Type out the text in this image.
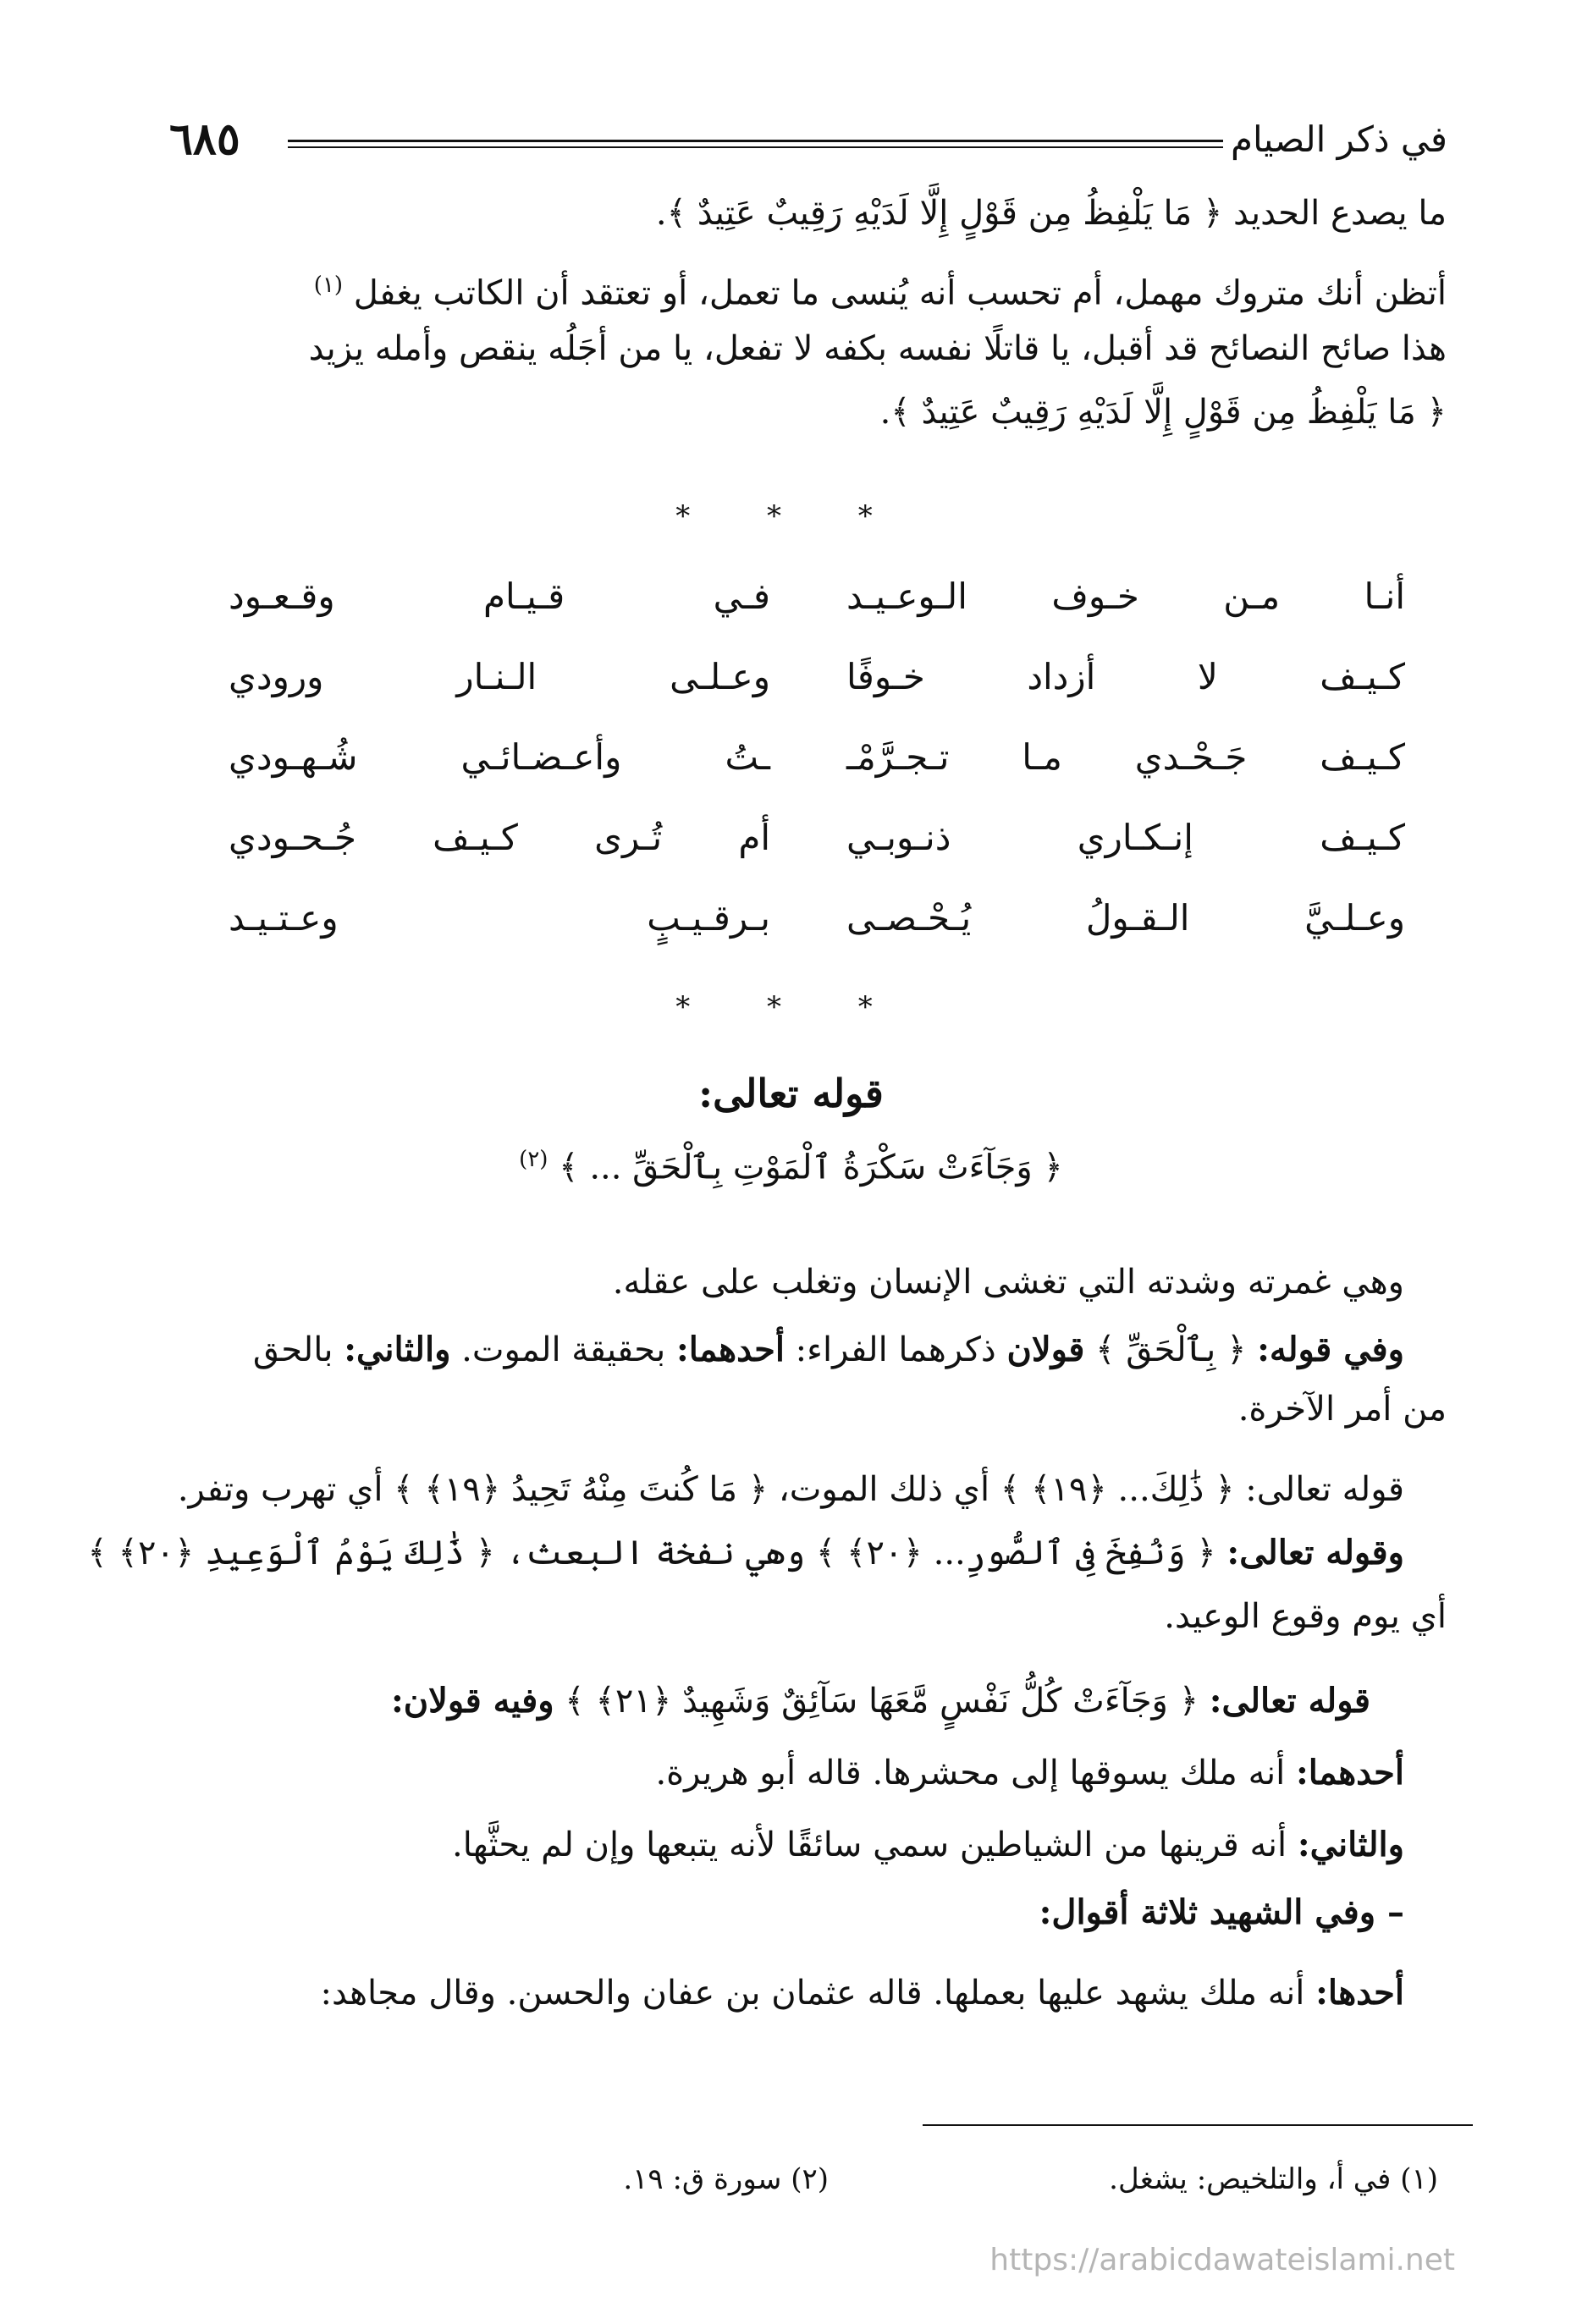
٦٨٥	في ذكر الصيام
ما يصدع الحديد ﴿ مَا يَلْفِظُ مِن قَوْلٍ إِلَّا لَدَيْهِ رَقِيبٌ عَتِيدٌ ﴾.
أتظن أنك متروك مهمل، أم تحسب أنه يُنسى ما تعمل، أو تعتقد أن الكاتب يغفل $^{(١)}$
هذا صائح النصائح قد أقبل، يا قاتلًا نفسه بكفه لا تفعل، يا من أجَلُه ينقص وأمله يزيد
﴿ مَا يَلْفِظُ مِن قَوْلٍ إِلَّا لَدَيْهِ رَقِيبٌ عَتِيدٌ ﴾.
* * *
أنـا مـن خـوف الـوعـيـد
فـي قـيـام وقـعـود
كـيـف لا أزداد خـوفًا
وعـلـى الـنـار ورودي
كـيـف جَـحْـدي مـا تـجـرَّمْـ
ـتُ وأعـضـائـي شُـهـودي
كـيـف إنـكـاري ذنـوبـي
أم تُـرى كـيـف جُـحـودي
وعـلـيَّ الـقـولُ يُـحْـصـى
بـرقـيـبٍ وعـتـيـد
* * *
قوله تعالى:
﴿ وَجَآءَتْ سَكْرَةُ ٱلْمَوْتِ بِٱلْحَقِّ ... ﴾ $^{(٢)}$
وهي غمرته وشدته التي تغشى الإنسان وتغلب على عقله.
وفي قوله: ﴿ بِٱلْحَقِّ ﴾ قولان ذكرهما الفراء: أحدهما: بحقيقة الموت. والثاني: بالحق
من أمر الآخرة.
قوله تعالى: ﴿ ذَٰلِكَ... ﴿١٩﴾ ﴾ أي ذلك الموت، ﴿ مَا كُنتَ مِنْهُ تَحِيدُ ﴿١٩﴾ ﴾ أي تهرب وتفر.
وقوله تعالى: ﴿ وَنُفِخَ فِى ٱلصُّورِ... ﴿٢٠﴾ ﴾ وهي نفخة البعث، ﴿ ذَٰلِكَ يَوْمُ ٱلْوَعِيدِ ﴿٢٠﴾ ﴾
أي يوم وقوع الوعيد.
قوله تعالى: ﴿ وَجَآءَتْ كُلُّ نَفْسٍ مَّعَهَا سَآئِقٌ وَشَهِيدٌ ﴿٢١﴾ ﴾ وفيه قولان:
أحدهما: أنه ملك يسوقها إلى محشرها. قاله أبو هريرة.
والثاني: أنه قرينها من الشياطين سمي سائقًا لأنه يتبعها وإن لم يحثَّها.
– وفي الشهيد ثلاثة أقوال:
أحدها: أنه ملك يشهد عليها بعملها. قاله عثمان بن عفان والحسن. وقال مجاهد:
(١) في أ، والتلخيص: يشغل.
(٢) سورة ق: ١٩.
https://arabicdawateislami.net
